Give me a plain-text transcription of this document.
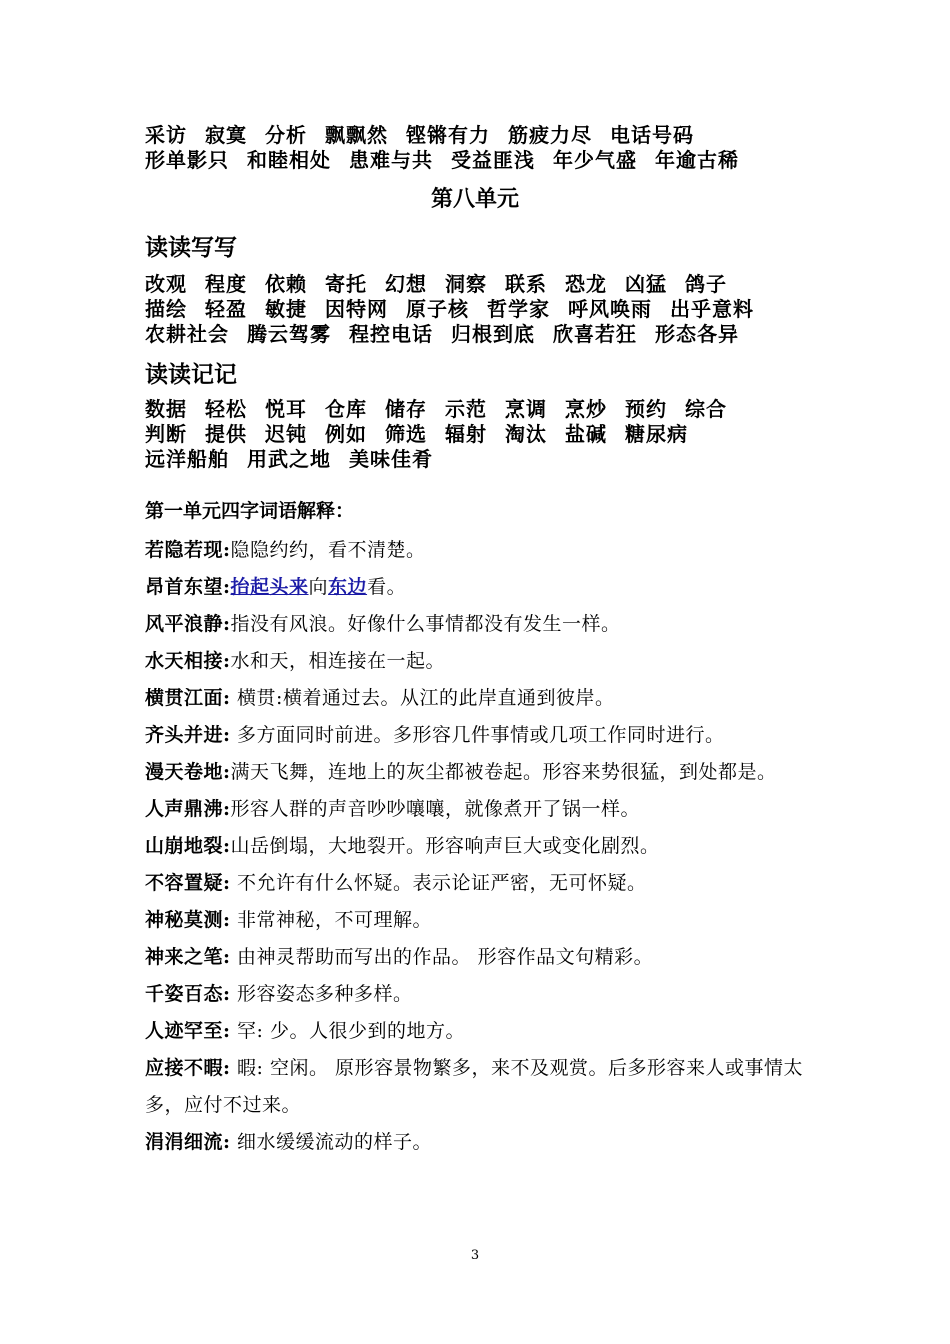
采访 寂寞 分析 飘飘然 铿锵有力 筋疲力尽 电话号码
形单影只 和睦相处 患难与共 受益匪浅 年少气盛 年逾古稀
第八单元
读读写写
改观 程度 依赖 寄托 幻想 洞察 联系 恐龙 凶猛 鸽子
描绘 轻盈 敏捷 因特网 原子核 哲学家 呼风唤雨 出乎意料
农耕社会 腾云驾雾 程控电话 归根到底 欣喜若狂 形态各异
读读记记
数据 轻松 悦耳 仓库 储存 示范 烹调 烹炒 预约 综合
判断 提供 迟钝 例如 筛选 辐射 淘汰 盐碱 糖尿病
远洋船舶 用武之地 美味佳肴
第一单元四字词语解释：
若隐若现:隐隐约约，看不清楚。
昂首东望:抬起头来向东边看。
风平浪静:指没有风浪。好像什么事情都没有发生一样。
水天相接:水和天，相连接在一起。
横贯江面: 横贯:横着通过去。从江的此岸直通到彼岸。
齐头并进: 多方面同时前进。多形容几件事情或几项工作同时进行。
漫天卷地:满天飞舞，连地上的灰尘都被卷起。形容来势很猛，到处都是。
人声鼎沸:形容人群的声音吵吵嚷嚷，就像煮开了锅一样。
山崩地裂:山岳倒塌，大地裂开。形容响声巨大或变化剧烈。
不容置疑: 不允许有什么怀疑。表示论证严密，无可怀疑。
神秘莫测: 非常神秘，不可理解。
神来之笔: 由神灵帮助而写出的作品。 形容作品文句精彩。
千姿百态: 形容姿态多种多样。
人迹罕至: 罕: 少。人很少到的地方。
应接不暇: 暇: 空闲。 原形容景物繁多，来不及观赏。后多形容来人或事情太多，应付不过来。
涓涓细流: 细水缓缓流动的样子。
3
